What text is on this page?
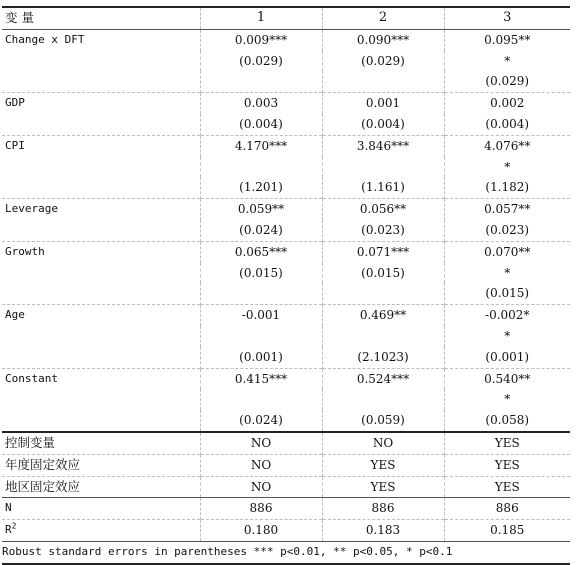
变 量	1	2	3
Change x DFT	0.009***	0.090***	0.095**
	(0.029)	(0.029)	*
			(0.029)
GDP	0.003	0.001	0.002
	(0.004)	(0.004)	(0.004)
CPI	4.170***	3.846***	4.076**
			*
	(1.201)	(1.161)	(1.182)
Leverage	0.059**	0.056**	0.057**
	(0.024)	(0.023)	(0.023)
Growth	0.065***	0.071***	0.070**
	(0.015)	(0.015)	*
			(0.015)
Age	-0.001	0.469**	-0.002*
			*
	(0.001)	(2.1023)	(0.001)
Constant	0.415***	0.524***	0.540**
			*
	(0.024)	(0.059)	(0.058)
控制变量	NO	NO	YES
年度固定效应	NO	YES	YES
地区固定效应	NO	YES	YES
N	886	886	886
$R^2$	0.180	0.183	0.185
Robust standard errors in parentheses *** p<0.01, ** p<0.05, * p<0.1			
